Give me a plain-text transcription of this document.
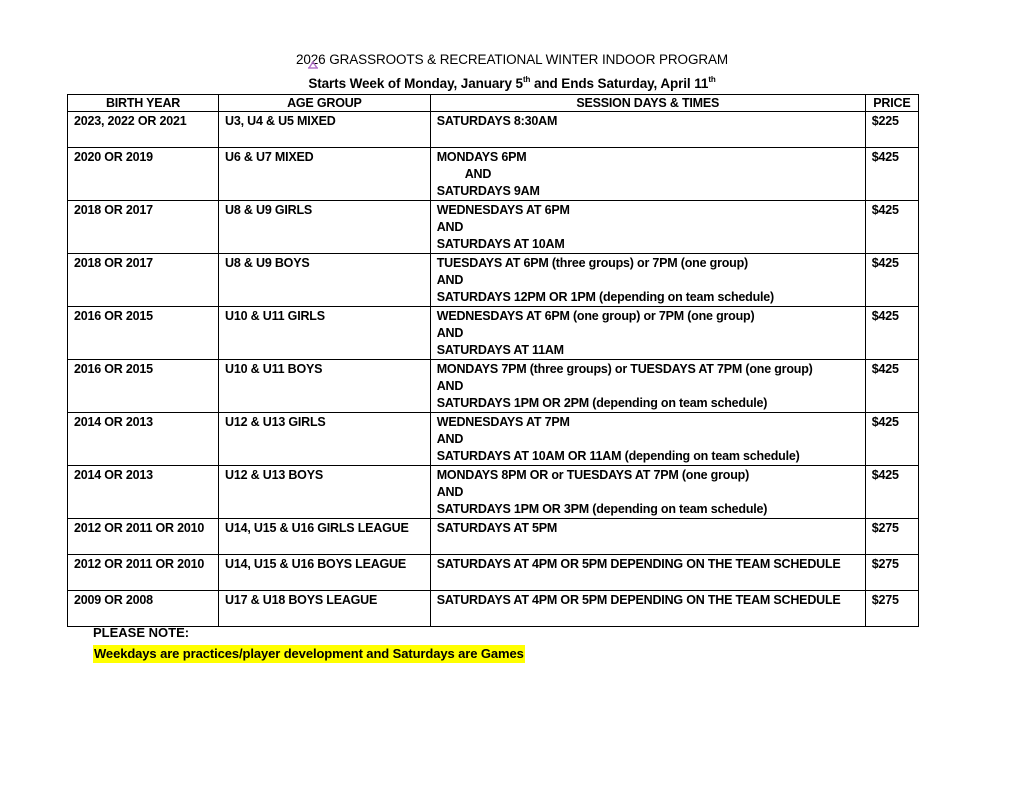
2026 GRASSROOTS & RECREATIONAL WINTER INDOOR PROGRAM
Starts Week of Monday, January 5th and Ends Saturday, April 11th
BIRTH YEAR	AGE GROUP	SESSION DAYS & TIMES	PRICE
2023, 2022 OR 2021	U3, U4 & U5 MIXED	SATURDAYS 8:30AM	$225
2020 OR 2019	U6 & U7 MIXED	MONDAYS 6PM
AND
SATURDAYS 9AM	$425
2018 OR 2017	U8 & U9 GIRLS	WEDNESDAYS AT 6PM
AND
SATURDAYS AT 10AM	$425
2018 OR 2017	U8 & U9 BOYS	TUESDAYS AT 6PM (three groups) or 7PM (one group)
AND
SATURDAYS 12PM OR 1PM (depending on team schedule)	$425
2016 OR 2015	U10 & U11 GIRLS	WEDNESDAYS AT 6PM (one group) or 7PM (one group)
AND
SATURDAYS AT 11AM	$425
2016 OR 2015	U10 & U11 BOYS	MONDAYS 7PM (three groups) or TUESDAYS AT 7PM (one group)
AND
SATURDAYS 1PM OR 2PM (depending on team schedule)	$425
2014 OR 2013	U12 & U13 GIRLS	WEDNESDAYS AT 7PM
AND
SATURDAYS AT 10AM OR 11AM (depending on team schedule)	$425
2014 OR 2013	U12 & U13 BOYS	MONDAYS 8PM OR or TUESDAYS AT 7PM (one group)
AND
SATURDAYS 1PM OR 3PM (depending on team schedule)	$425
2012 OR 2011 OR 2010	U14, U15 & U16 GIRLS LEAGUE	SATURDAYS AT 5PM	$275
2012 OR 2011 OR 2010	U14, U15 & U16 BOYS LEAGUE	SATURDAYS AT 4PM OR 5PM DEPENDING ON THE TEAM SCHEDULE	$275
2009 OR 2008	U17 & U18 BOYS LEAGUE	SATURDAYS AT 4PM OR 5PM DEPENDING ON THE TEAM SCHEDULE	$275
PLEASE NOTE:
Weekdays are practices/player development and Saturdays are Games
